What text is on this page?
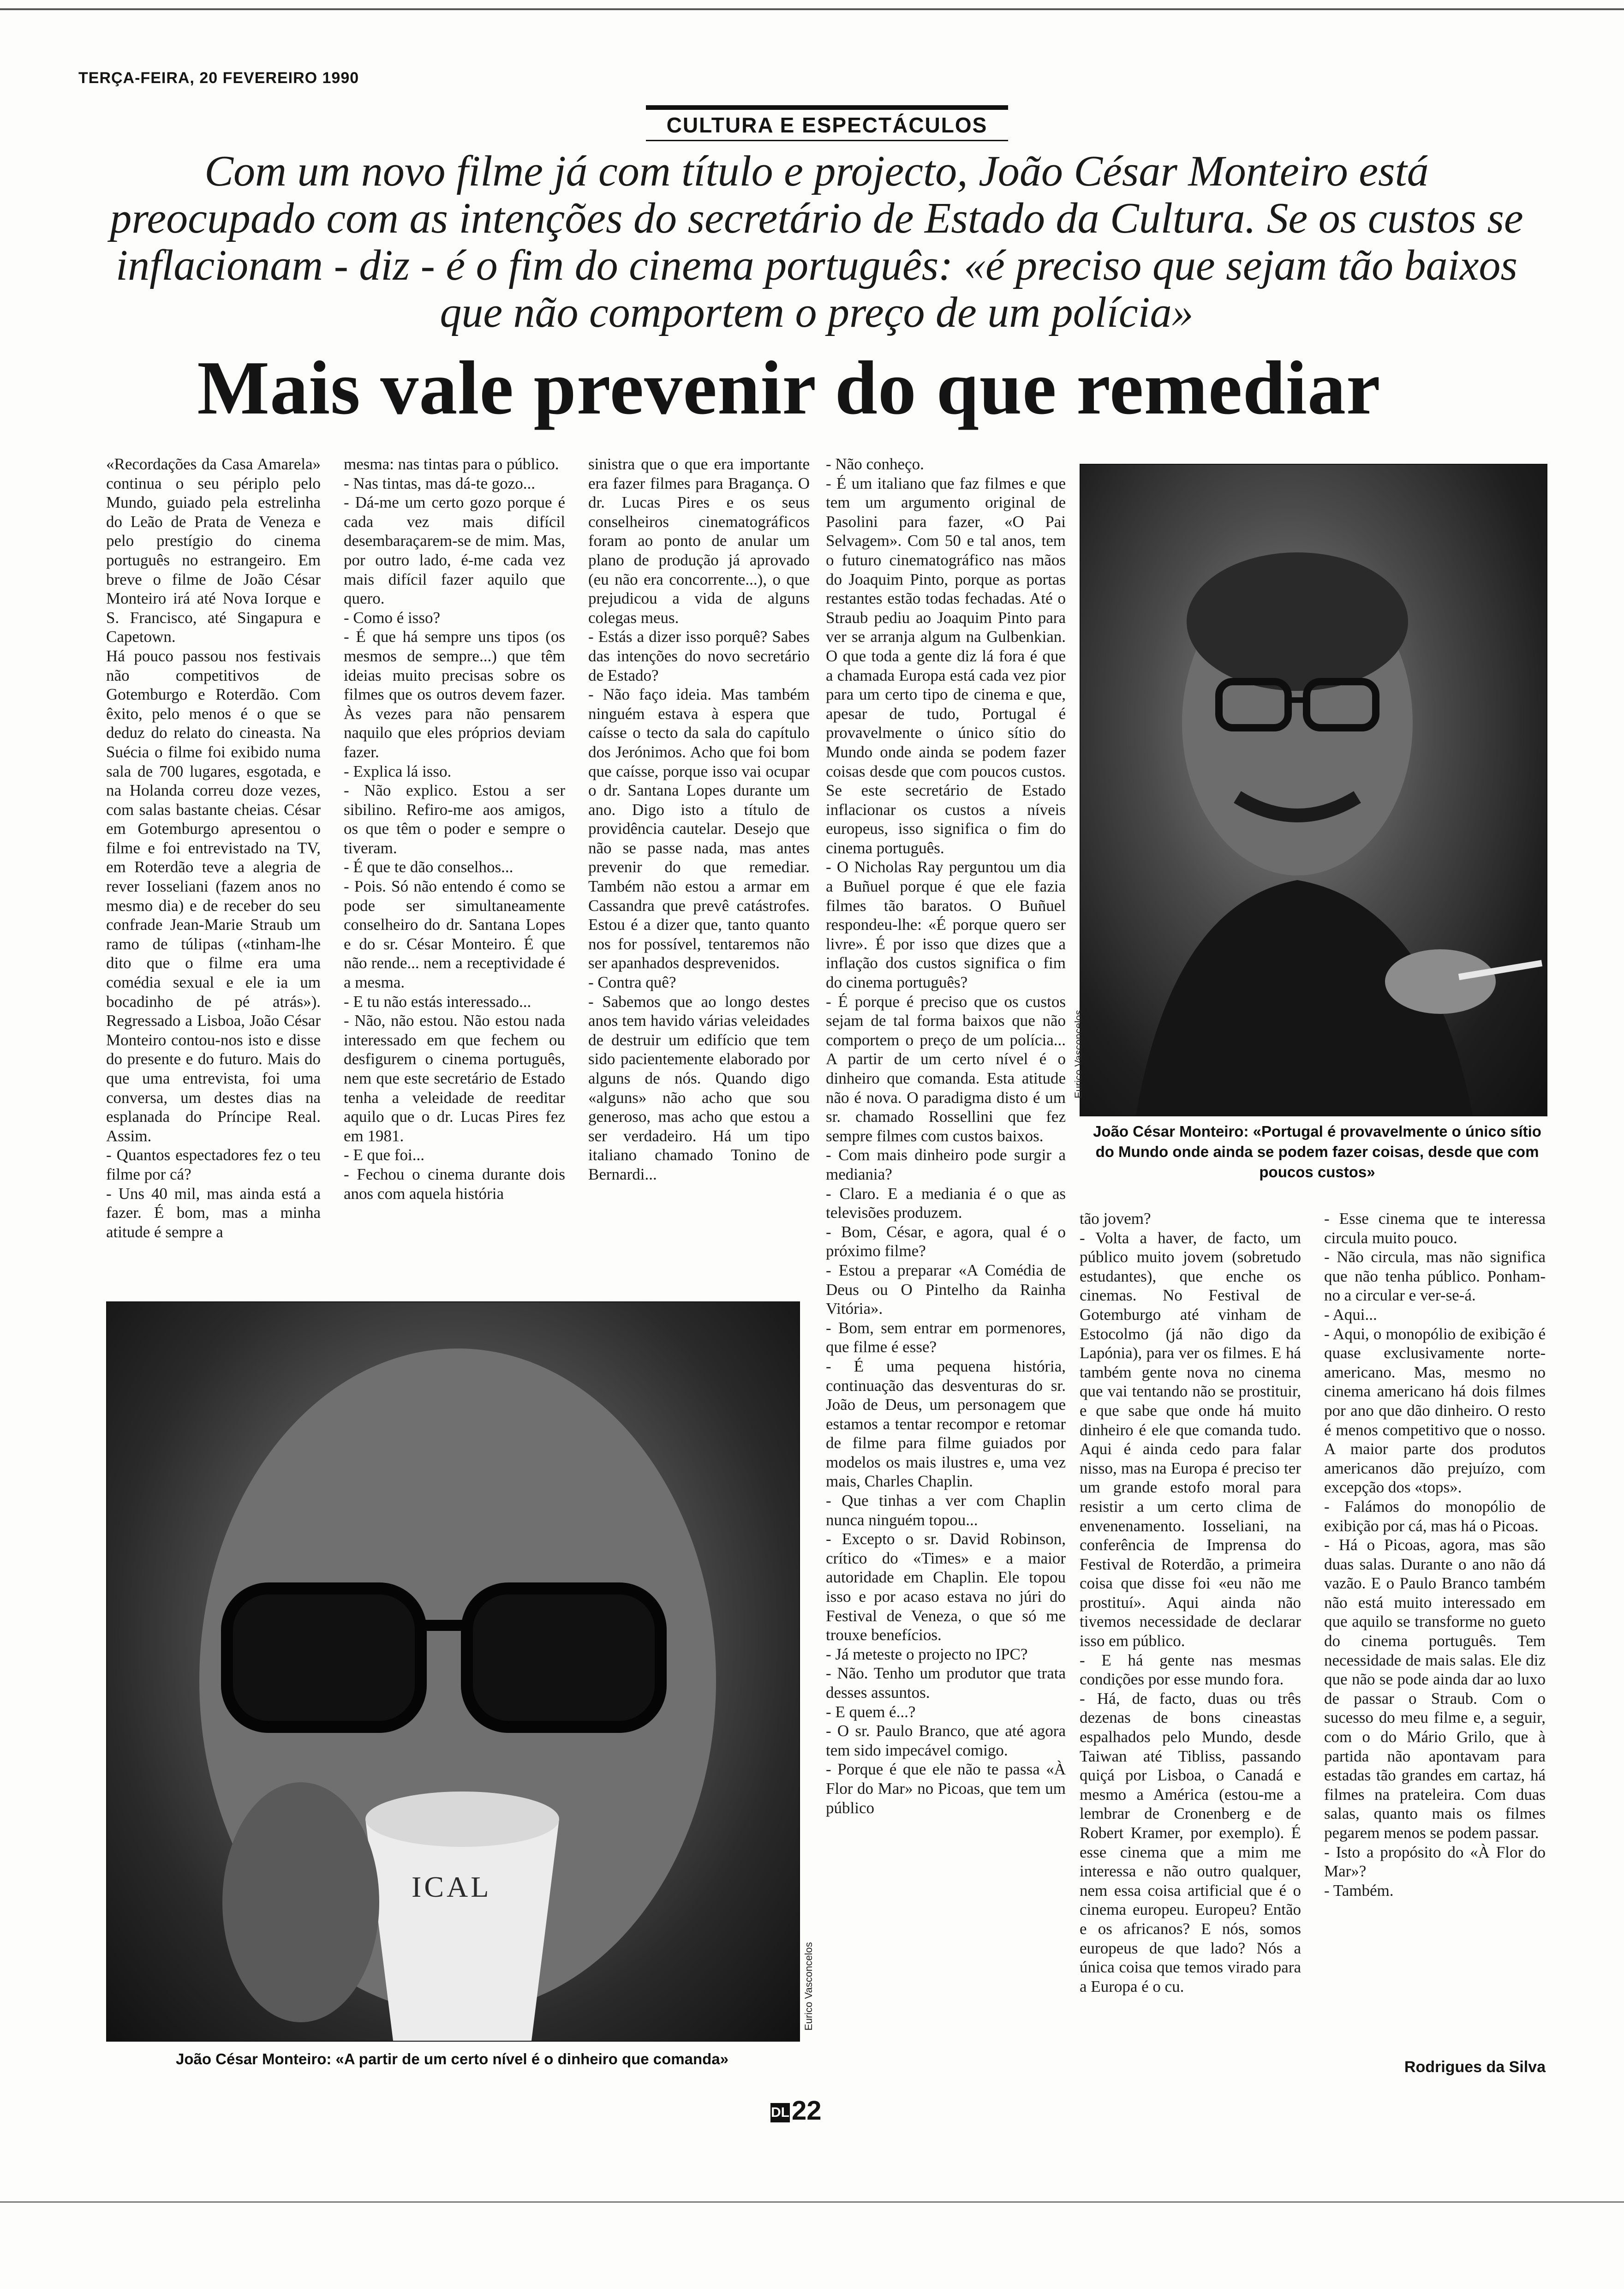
TERÇA-FEIRA, 20 FEVEREIRO 1990
CULTURA E ESPECTÁCULOS
Com um novo filme já com título e projecto, João César Monteiro está preocupado com as intenções do secretário de Estado da Cultura. Se os custos se inflacionam - diz - é o fim do cinema português: «é preciso que sejam tão baixos que não comportem o preço de um polícia»
Mais vale prevenir do que remediar
«Recordações da Casa Amarela» continua o seu périplo pelo Mundo, guiado pela estrelinha do Leão de Prata de Veneza e pelo prestígio do cinema português no estrangeiro. Em breve o filme de João César Monteiro irá até Nova Iorque e S. Francisco, até Singapura e Capetown.
Há pouco passou nos festivais não competitivos de Gotemburgo e Roterdão. Com êxito, pelo menos é o que se deduz do relato do cineasta. Na Suécia o filme foi exibido numa sala de 700 lugares, esgotada, e na Holanda correu doze vezes, com salas bastante cheias. César em Gotemburgo apresentou o filme e foi entrevistado na TV, em Roterdão teve a alegria de rever Iosseliani (fazem anos no mesmo dia) e de receber do seu confrade Jean-Marie Straub um ramo de túlipas («tinham-lhe dito que o filme era uma comédia sexual e ele ia um bocadinho de pé atrás»). Regressado a Lisboa, João César Monteiro contou-nos isto e disse do presente e do futuro. Mais do que uma entrevista, foi uma conversa, um destes dias na esplanada do Príncipe Real. Assim.
- Quantos espectadores fez o teu filme por cá?
- Uns 40 mil, mas ainda está a fazer. É bom, mas a minha atitude é sempre a
mesma: nas tintas para o público.
- Nas tintas, mas dá-te gozo...
- Dá-me um certo gozo porque é cada vez mais difícil desembaraçarem-se de mim. Mas, por outro lado, é-me cada vez mais difícil fazer aquilo que quero.
- Como é isso?
- É que há sempre uns tipos (os mesmos de sempre...) que têm ideias muito precisas sobre os filmes que os outros devem fazer. Às vezes para não pensarem naquilo que eles próprios deviam fazer.
- Explica lá isso.
- Não explico. Estou a ser sibilino. Refiro-me aos amigos, os que têm o poder e sempre o tiveram.
- É que te dão conselhos...
- Pois. Só não entendo é como se pode ser simultaneamente conselheiro do dr. Santana Lopes e do sr. César Monteiro. É que não rende... nem a receptividade é a mesma.
- E tu não estás interessado...
- Não, não estou. Não estou nada interessado em que fechem ou desfigurem o cinema português, nem que este secretário de Estado tenha a veleidade de reeditar aquilo que o dr. Lucas Pires fez em 1981.
- E que foi...
- Fechou o cinema durante dois anos com aquela história
sinistra que o que era importante era fazer filmes para Bragança. O dr. Lucas Pires e os seus conselheiros cinematográficos foram ao ponto de anular um plano de produção já aprovado (eu não era concorrente...), o que prejudicou a vida de alguns colegas meus.
- Estás a dizer isso porquê? Sabes das intenções do novo secretário de Estado?
- Não faço ideia. Mas também ninguém estava à espera que caísse o tecto da sala do capítulo dos Jerónimos. Acho que foi bom que caísse, porque isso vai ocupar o dr. Santana Lopes durante um ano. Digo isto a título de providência cautelar. Desejo que não se passe nada, mas antes prevenir do que remediar. Também não estou a armar em Cassandra que prevê catástrofes. Estou é a dizer que, tanto quanto nos for possível, tentaremos não ser apanhados desprevenidos.
- Contra quê?
- Sabemos que ao longo destes anos tem havido várias veleidades de destruir um edifício que tem sido pacientemente elaborado por alguns de nós. Quando digo «alguns» não acho que sou generoso, mas acho que estou a ser verdadeiro. Há um tipo italiano chamado Tonino de Bernardi...
- Não conheço.
- É um italiano que faz filmes e que tem um argumento original de Pasolini para fazer, «O Pai Selvagem». Com 50 e tal anos, tem o futuro cinematográfico nas mãos do Joaquim Pinto, porque as portas restantes estão todas fechadas. Até o Straub pediu ao Joaquim Pinto para ver se arranja algum na Gulbenkian. O que toda a gente diz lá fora é que a chamada Europa está cada vez pior para um certo tipo de cinema e que, apesar de tudo, Portugal é provavelmente o único sítio do Mundo onde ainda se podem fazer coisas desde que com poucos custos. Se este secretário de Estado inflacionar os custos a níveis europeus, isso significa o fim do cinema português.
- O Nicholas Ray perguntou um dia a Buñuel porque é que ele fazia filmes tão baratos. O Buñuel respondeu-lhe: «É porque quero ser livre». É por isso que dizes que a inflação dos custos significa o fim do cinema português?
- É porque é preciso que os custos sejam de tal forma baixos que não comportem o preço de um polícia... A partir de um certo nível é o dinheiro que comanda. Esta atitude não é nova. O paradigma disto é um sr. chamado Rossellini que fez sempre filmes com custos baixos.
- Com mais dinheiro pode surgir a mediania?
- Claro. E a mediania é o que as televisões produzem.
- Bom, César, e agora, qual é o próximo filme?
- Estou a preparar «A Comédia de Deus ou O Pintelho da Rainha Vitória».
- Bom, sem entrar em pormenores, que filme é esse?
- É uma pequena história, continuação das desventuras do sr. João de Deus, um personagem que estamos a tentar recompor e retomar de filme para filme guiados por modelos os mais ilustres e, uma vez mais, Charles Chaplin.
- Que tinhas a ver com Chaplin nunca ninguém topou...
- Excepto o sr. David Robinson, crítico do «Times» e a maior autoridade em Chaplin. Ele topou isso e por acaso estava no júri do Festival de Veneza, o que só me trouxe benefícios.
- Já meteste o projecto no IPC?
- Não. Tenho um produtor que trata desses assuntos.
- E quem é...?
- O sr. Paulo Branco, que até agora tem sido impecável comigo.
- Porque é que ele não te passa «À Flor do Mar» no Picoas, que tem um público
tão jovem?
- Volta a haver, de facto, um público muito jovem (sobretudo estudantes), que enche os cinemas. No Festival de Gotemburgo até vinham de Estocolmo (já não digo da Lapónia), para ver os filmes. E há também gente nova no cinema que vai tentando não se prostituir, e que sabe que onde há muito dinheiro é ele que comanda tudo. Aqui é ainda cedo para falar nisso, mas na Europa é preciso ter um grande estofo moral para resistir a um certo clima de envenenamento. Iosseliani, na conferência de Imprensa do Festival de Roterdão, a primeira coisa que disse foi «eu não me prostituí». Aqui ainda não tivemos necessidade de declarar isso em público.
- E há gente nas mesmas condições por esse mundo fora.
- Há, de facto, duas ou três dezenas de bons cineastas espalhados pelo Mundo, desde Taiwan até Tibliss, passando quiçá por Lisboa, o Canadá e mesmo a América (estou-me a lembrar de Cronenberg e de Robert Kramer, por exemplo). É esse cinema que a mim me interessa e não outro qualquer, nem essa coisa artificial que é o cinema europeu. Europeu? Então e os africanos? E nós, somos europeus de que lado? Nós a única coisa que temos virado para a Europa é o cu.
- Esse cinema que te interessa circula muito pouco.
- Não circula, mas não significa que não tenha público. Ponham-no a circular e ver-se-á.
- Aqui...
- Aqui, o monopólio de exibição é quase exclusivamente norte-americano. Mas, mesmo no cinema americano há dois filmes por ano que dão dinheiro. O resto é menos competitivo que o nosso. A maior parte dos produtos americanos dão prejuízo, com excepção dos «tops».
- Falámos do monopólio de exibição por cá, mas há o Picoas.
- Há o Picoas, agora, mas são duas salas. Durante o ano não dá vazão. E o Paulo Branco também não está muito interessado em que aquilo se transforme no gueto do cinema português. Tem necessidade de mais salas. Ele diz que não se pode ainda dar ao luxo de passar o Straub. Com o sucesso do meu filme e, a seguir, com o do Mário Grilo, que à partida não apontavam para estadas tão grandes em cartaz, há filmes na prateleira. Com duas salas, quanto mais os filmes pegarem menos se podem passar.
- Isto a propósito do «À Flor do Mar»?
- Também.
Eurico Vasconcelos
João César Monteiro: «Portugal é provavelmente o único sítio do Mundo onde ainda se podem fazer coisas, desde que com poucos custos»
ICAL
Eurico Vasconcelos
João César Monteiro: «A partir de um certo nível é o dinheiro que comanda»	Rodrigues da Silva
DL22
